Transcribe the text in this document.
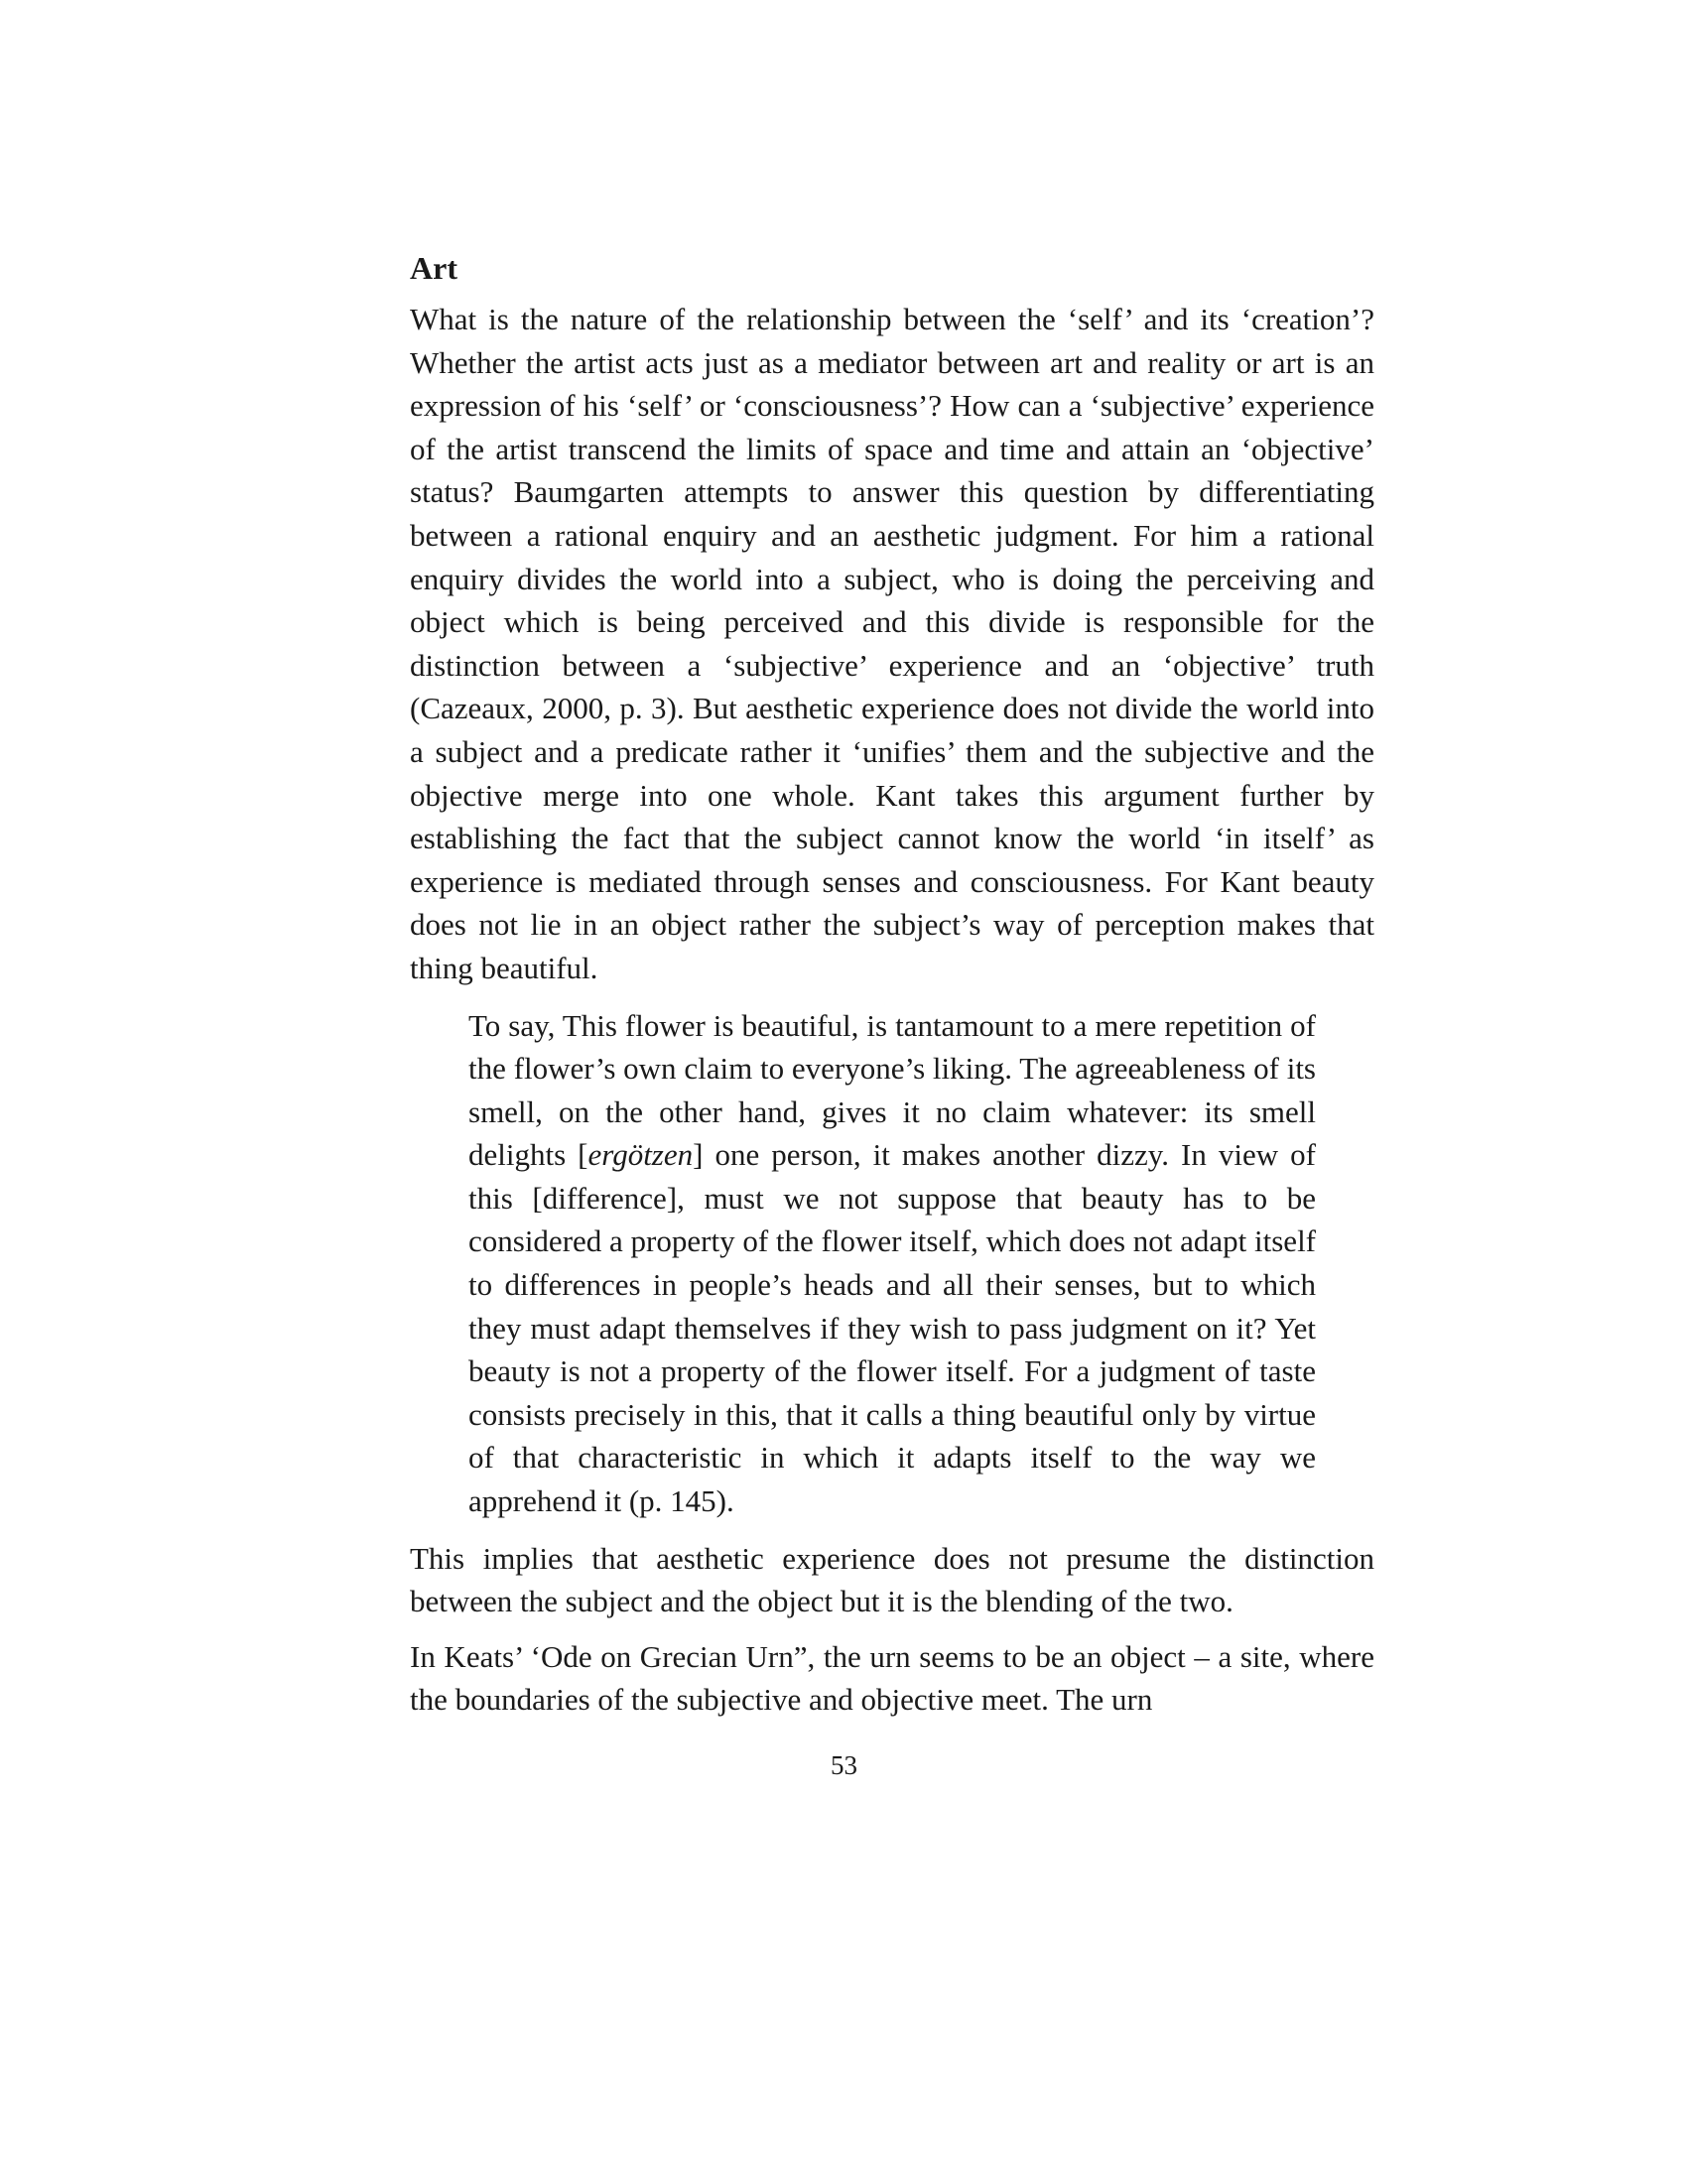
Art

What is the nature of the relationship between the ‘self’ and its ‘creation’? Whether the artist acts just as a mediator between art and reality or art is an expression of his ‘self’ or ‘consciousness’? How can a ‘subjective’ experience of the artist transcend the limits of space and time and attain an ‘objective’ status? Baumgarten attempts to answer this question by differentiating between a rational enquiry and an aesthetic judgment. For him a rational enquiry divides the world into a subject, who is doing the perceiving and object which is being perceived and this divide is responsible for the distinction between a ‘subjective’ experience and an ‘objective’ truth (Cazeaux, 2000, p. 3). But aesthetic experience does not divide the world into a subject and a predicate rather it ‘unifies’ them and the subjective and the objective merge into one whole. Kant takes this argument further by establishing the fact that the subject cannot know the world ‘in itself’ as experience is mediated through senses and consciousness. For Kant beauty does not lie in an object rather the subject’s way of perception makes that thing beautiful.

To say, This flower is beautiful, is tantamount to a mere repetition of the flower’s own claim to everyone’s liking. The agreeableness of its smell, on the other hand, gives it no claim whatever: its smell delights [ergötzen] one person, it makes another dizzy. In view of this [difference], must we not suppose that beauty has to be considered a property of the flower itself, which does not adapt itself to differences in people’s heads and all their senses, but to which they must adapt themselves if they wish to pass judgment on it? Yet beauty is not a property of the flower itself. For a judgment of taste consists precisely in this, that it calls a thing beautiful only by virtue of that characteristic in which it adapts itself to the way we apprehend it (p. 145).

This implies that aesthetic experience does not presume the distinction between the subject and the object but it is the blending of the two.

In Keats’ ‘Ode on Grecian Urn”, the urn seems to be an object – a site, where the boundaries of the subjective and objective meet. The urn

53
